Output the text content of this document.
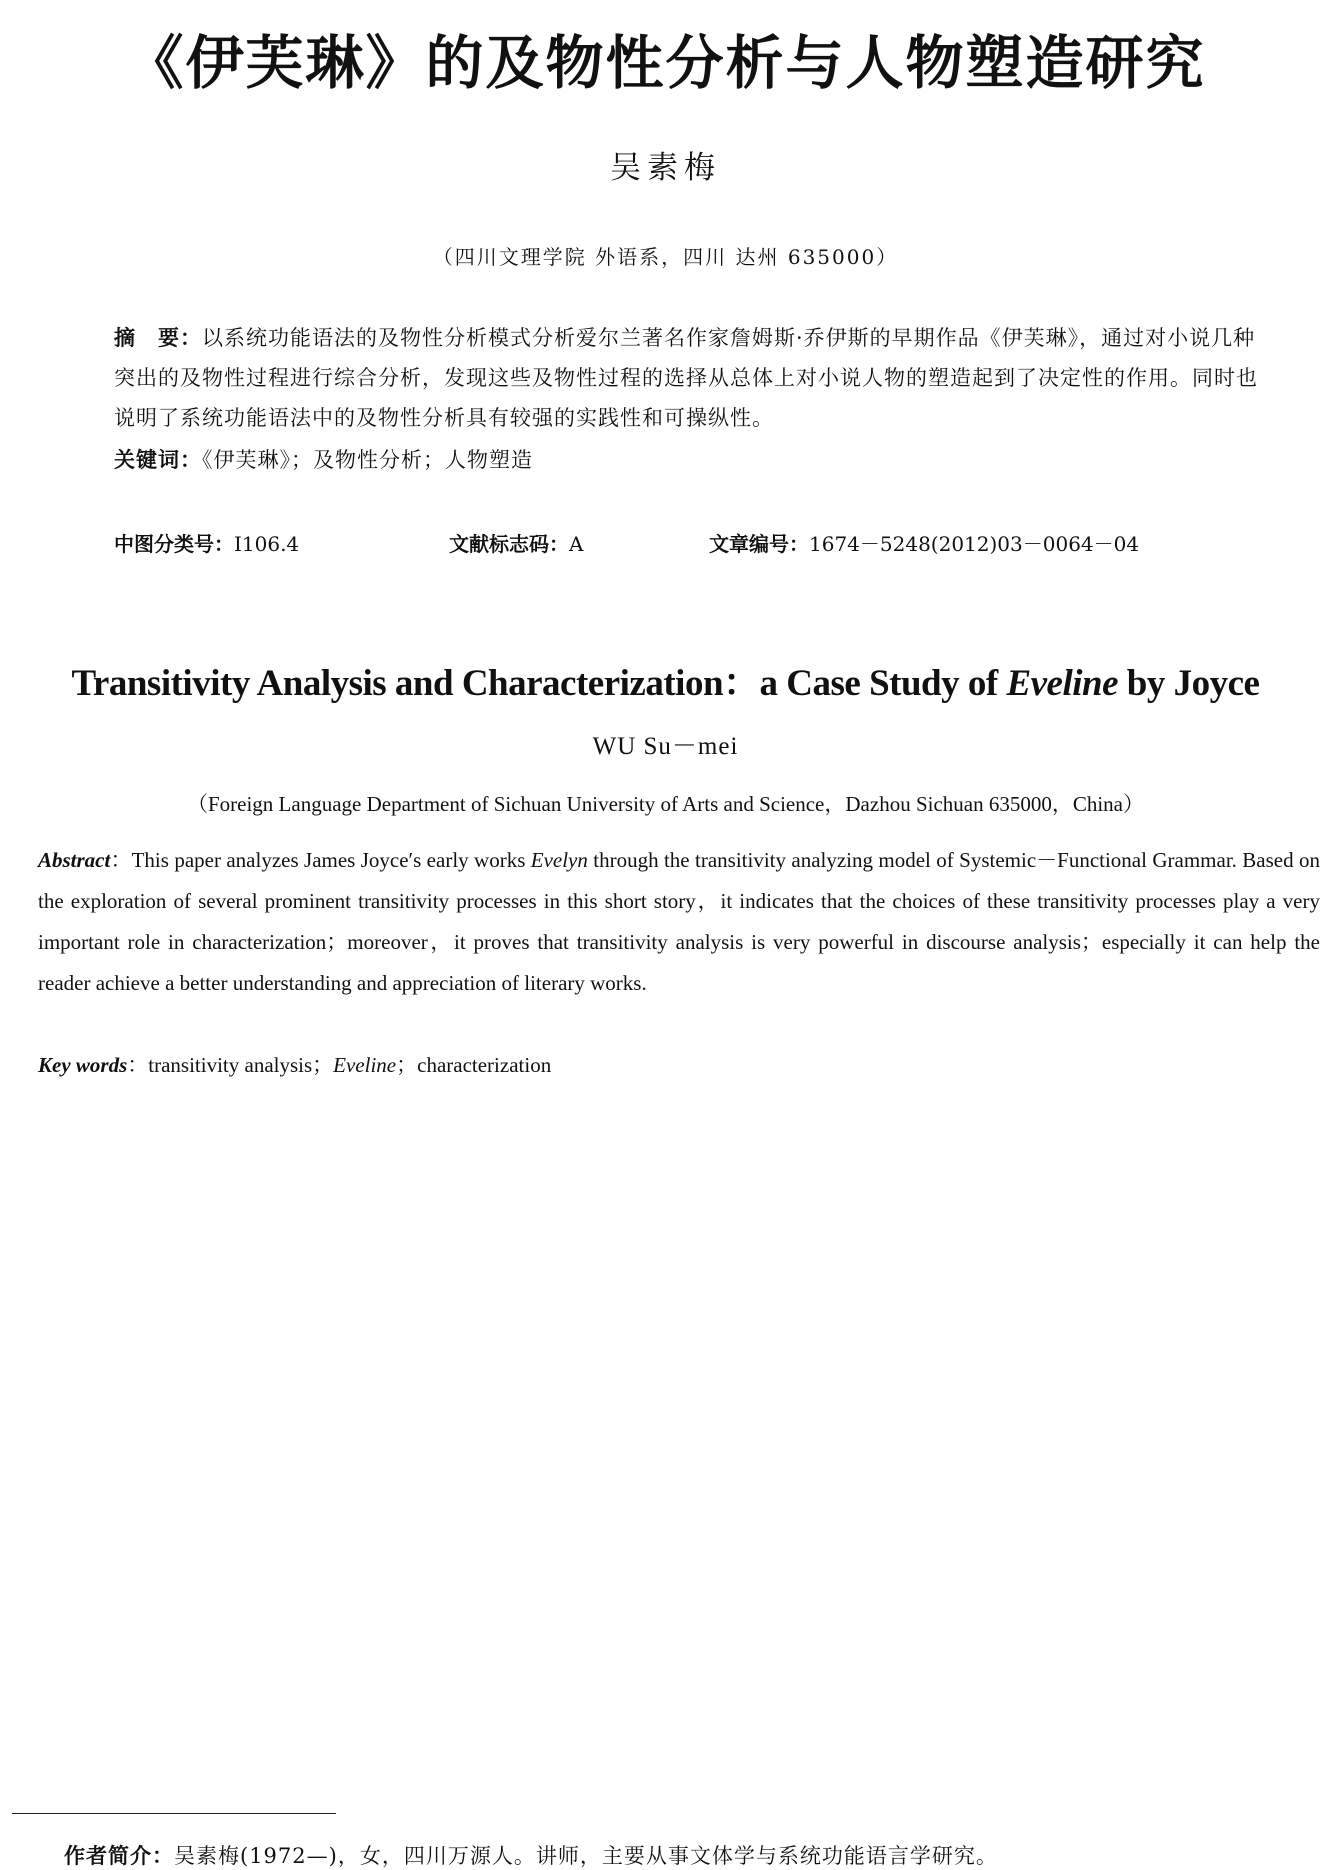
《伊芙琳》的及物性分析与人物塑造研究
吴素梅
（四川文理学院 外语系，四川 达州 635000）
摘　要：以系统功能语法的及物性分析模式分析爱尔兰著名作家詹姆斯·乔伊斯的早期作品《伊芙琳》，通过对小说几种突出的及物性过程进行综合分析，发现这些及物性过程的选择从总体上对小说人物的塑造起到了决定性的作用。同时也说明了系统功能语法中的及物性分析具有较强的实践性和可操纵性。
关键词：《伊芙琳》；及物性分析；人物塑造
中图分类号：I106.4	文献标志码：A	文章编号：1674－5248(2012)03－0064－04
Transitivity Analysis and Characterization：a Case Study of Eveline by Joyce
WU Su－mei
（Foreign Language Department of Sichuan University of Arts and Science，Dazhou Sichuan 635000，China）
Abstract：This paper analyzes James Joyce′s early works Evelyn through the transitivity analyzing model of Systemic－Functional Grammar. Based on the exploration of several prominent transitivity processes in this short story，it indicates that the choices of these transitivity processes play a very important role in characterization；moreover，it proves that transitivity analysis is very powerful in discourse analysis；especially it can help the reader achieve a better understanding and appreciation of literary works.
Key words：transitivity analysis；Eveline；characterization
作者简介：吴素梅(1972—)，女，四川万源人。讲师，主要从事文体学与系统功能语言学研究。
